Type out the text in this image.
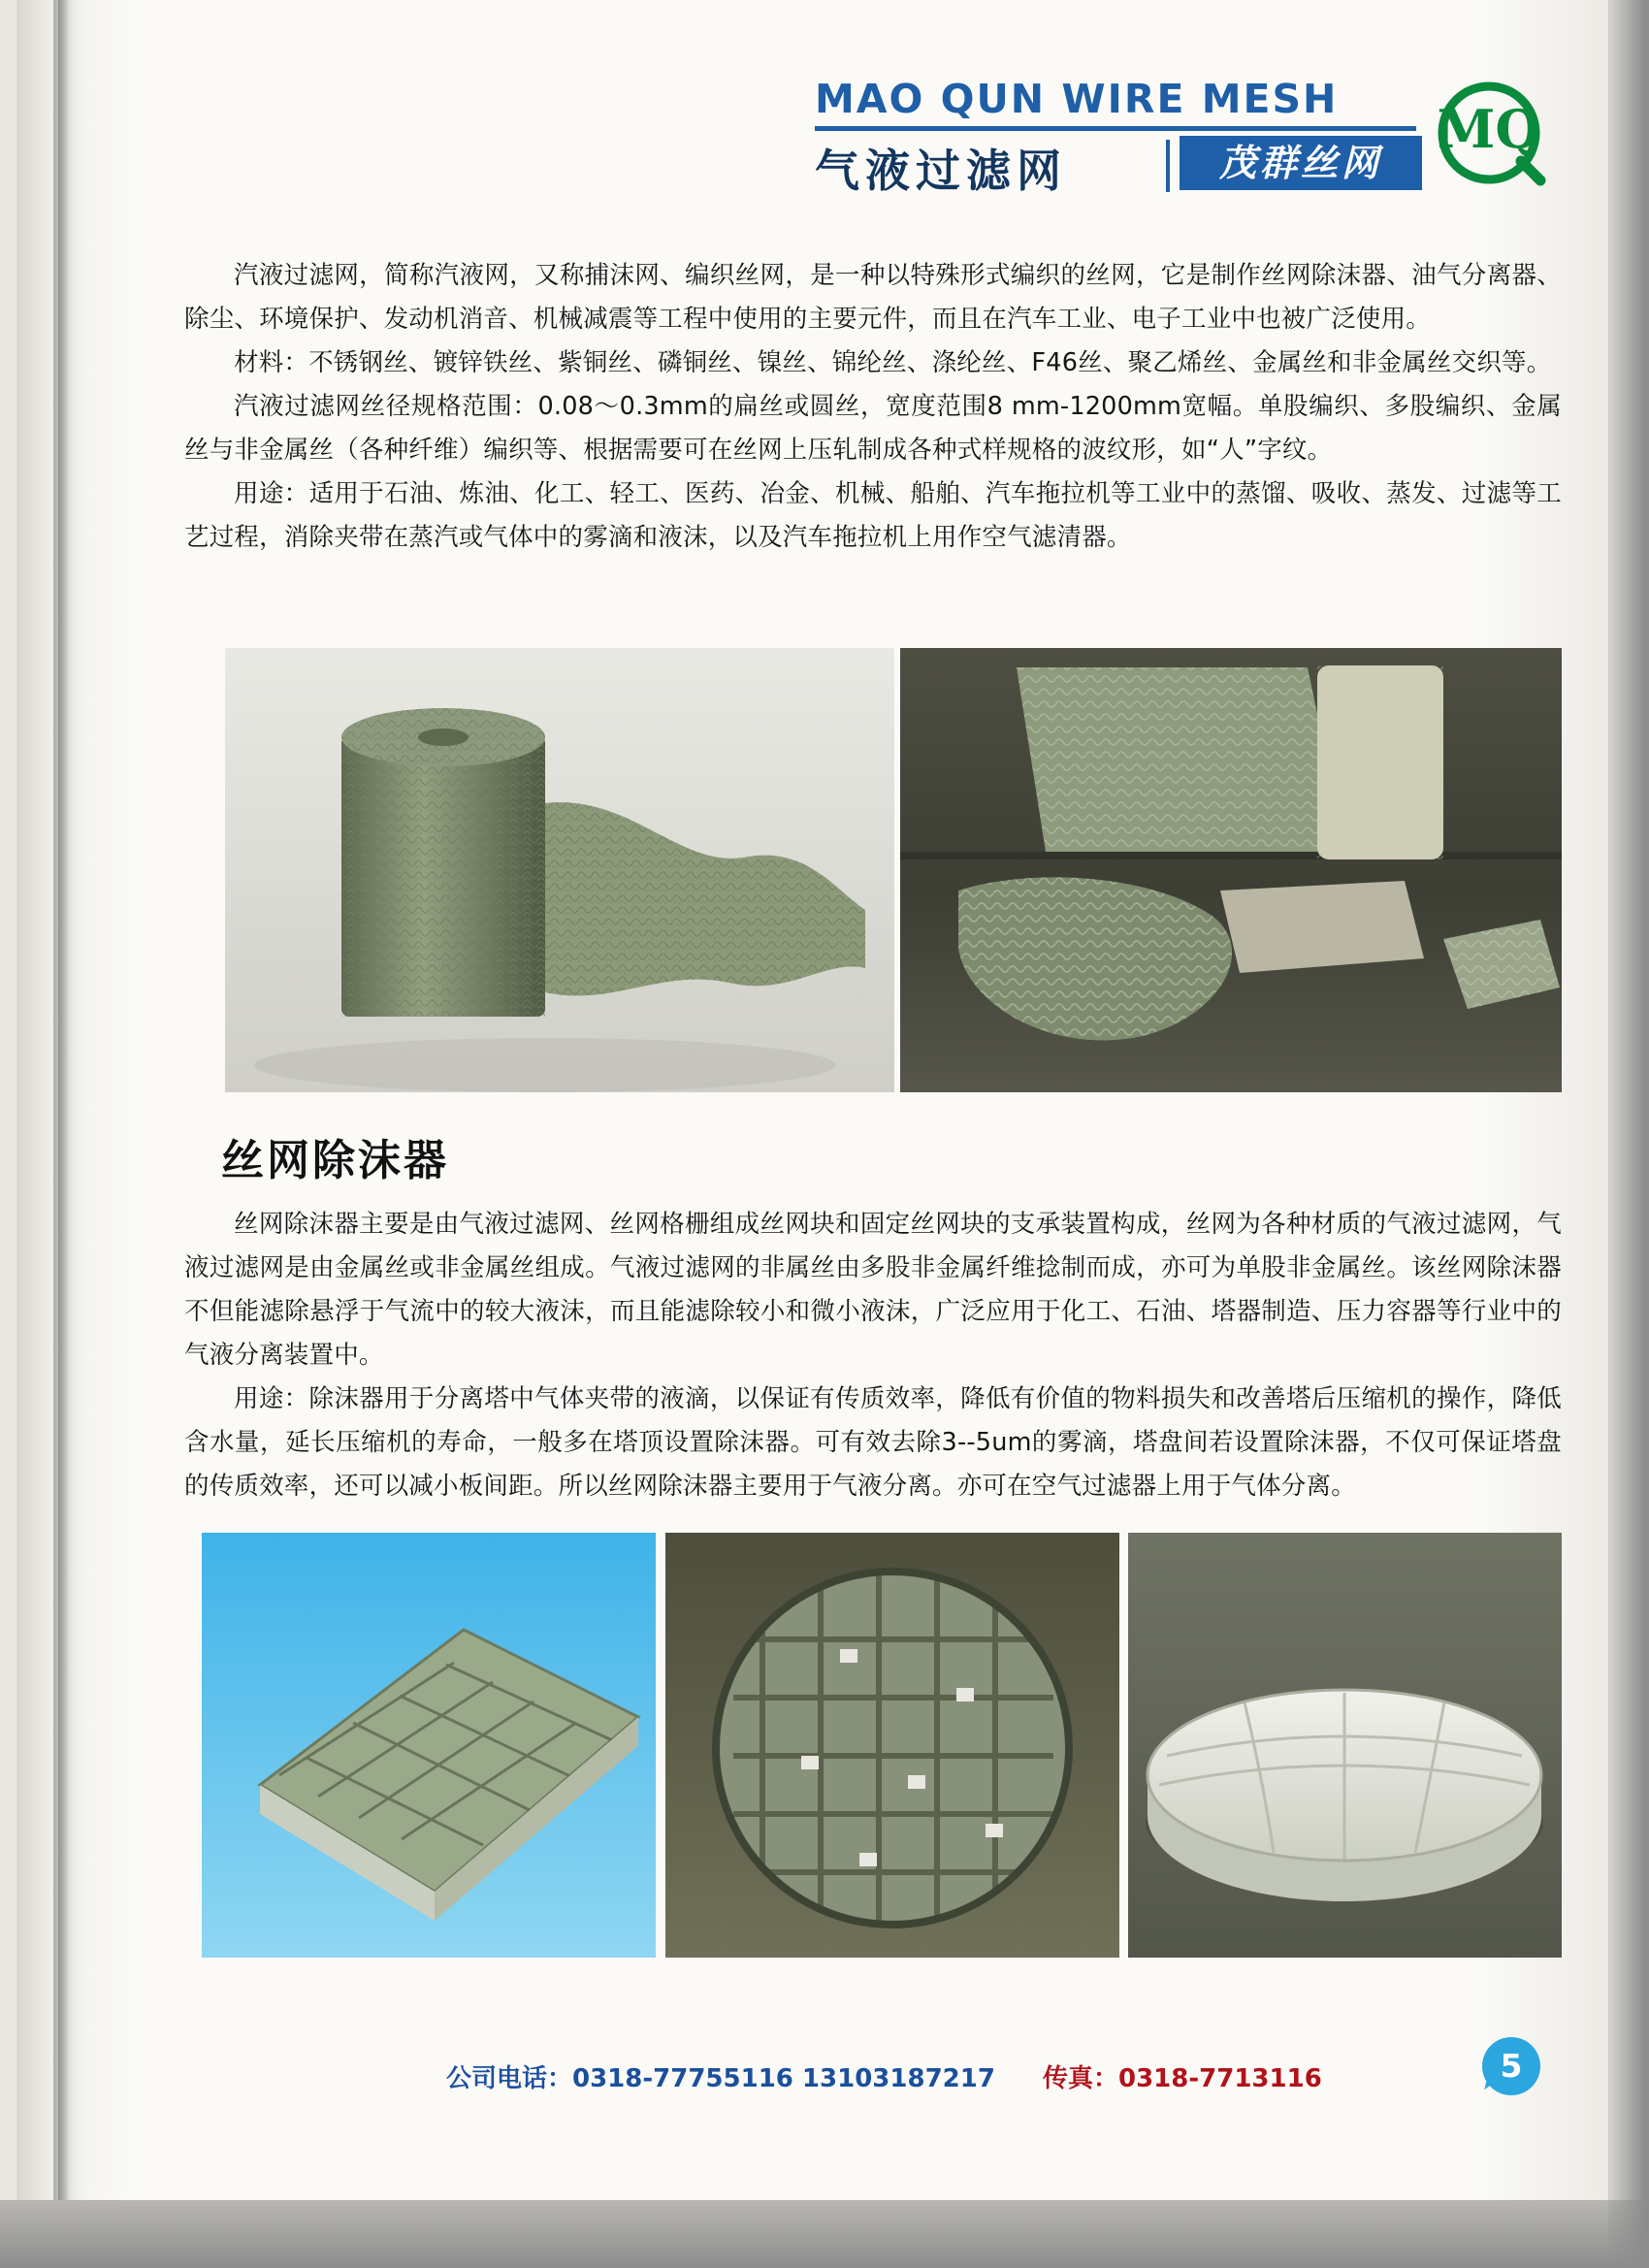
MAO QUN WIRE MESH
气液过滤网	茂群丝网
MQ

汽液过滤网，简称汽液网，又称捕沫网、编织丝网，是一种以特殊形式编织的丝网，它是制作丝网除沫器、油气分离器、除尘、环境保护、发动机消音、机械减震等工程中使用的主要元件，而且在汽车工业、电子工业中也被广泛使用。

材料：不锈钢丝、镀锌铁丝、紫铜丝、磷铜丝、镍丝、锦纶丝、涤纶丝、F46丝、聚乙烯丝、金属丝和非金属丝交织等。

汽液过滤网丝径规格范围：0.08～0.3mm的扁丝或圆丝，宽度范围8 mm-1200mm宽幅。单股编织、多股编织、金属丝与非金属丝（各种纤维）编织等、根据需要可在丝网上压轧制成各种式样规格的波纹形，如“人”字纹。

用途：适用于石油、炼油、化工、轻工、医药、冶金、机械、船舶、汽车拖拉机等工业中的蒸馏、吸收、蒸发、过滤等工艺过程，消除夹带在蒸汽或气体中的雾滴和液沫，以及汽车拖拉机上用作空气滤清器。

丝网除沫器

丝网除沫器主要是由气液过滤网、丝网格栅组成丝网块和固定丝网块的支承装置构成，丝网为各种材质的气液过滤网，气液过滤网是由金属丝或非金属丝组成。气液过滤网的非属丝由多股非金属纤维捻制而成，亦可为单股非金属丝。该丝网除沫器不但能滤除悬浮于气流中的较大液沫，而且能滤除较小和微小液沫，广泛应用于化工、石油、塔器制造、压力容器等行业中的气液分离装置中。

用途：除沫器用于分离塔中气体夹带的液滴，以保证有传质效率，降低有价值的物料损失和改善塔后压缩机的操作，降低含水量，延长压缩机的寿命，一般多在塔顶设置除沫器。可有效去除3--5um的雾滴，塔盘间若设置除沫器，不仅可保证塔盘的传质效率，还可以减小板间距。所以丝网除沫器主要用于气液分离。亦可在空气过滤器上用于气体分离。

公司电话：0318-77755116 13103187217 传真：0318-7713116	5
